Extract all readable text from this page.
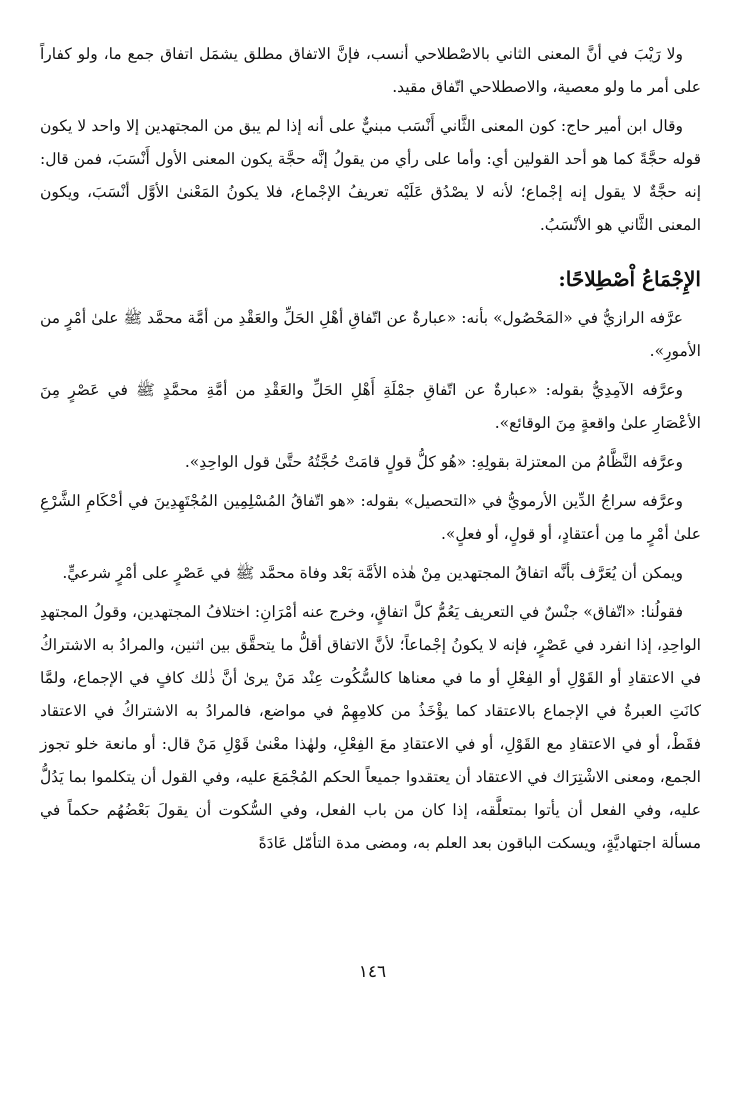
ولا رَيْبَ في أنَّ المعنى الثاني بالاصْطلاحي أنسب، فإنَّ الاتفاق مطلق يشمَل اتفاق جمع ما، ولو كفاراً على أمر ما ولو معصية، والاصطلاحي اتّفاق مقيد.

وقال ابن أمير حاج: كون المعنى الثَّاني أَنْسَب مبنيٌّ على أنه إذا لم يبق من المجتهدين إلا واحد لا يكون قوله حجَّةً كما هو أحد القولين أي: وأما على رأي من يقولُ إنَّه حجَّة يكون المعنى الأول أَنْسَبَ، فمن قال: إنه حجَّةٌ لا يقول إنه إجْماع؛ لأنه لا يصْدُق عَلَيْه تعريفُ الإجْماع، فلا يكونُ المَعْنىٰ الأوَّل أنْسَبَ، ويكون المعنى الثَّاني هو الأنْسَبُ.

الإِجْمَاعُ اْصْطِلاحًا:

عرَّفه الرازيُّ في «المَحْصُول» بأنه: «عبارةٌ عن اتّفاقِ أهْلِ الحَلِّ والعَقْدِ من أمَّة محمَّد ﷺ علىٰ أمْرٍ من الأمورِ».

وعرَّفه الآمِدِيُّ بقوله: «عبارةٌ عن اتّفاقِ جمْلَةِ أَهْلِ الحَلِّ والعَقْدِ من أمَّةِ محمَّدٍ ﷺ في عَصْرٍ مِنَ الأعْصَارِ علىٰ واقعةٍ مِنَ الوقائع».

وعرَّفه النَّظَّامُ من المعتزلة بقولِهِ: «هُو كلُّ قولٍ قامَتْ حُجَّتُهُ حتَّىٰ قول الواحِدِ».

وعرَّفه سراجُ الدِّين الأرمويُّ في «التحصيل» بقوله: «هو اتّفاقُ المُسْلِمِين المُجْتَهِدِينَ في أحْكَامِ الشَّرْعِ علىٰ أمْرٍ ما مِن أعتقادٍ، أو قولٍ، أو فعلٍ».

ويمكن أن يُعَرَّف بأنَّه اتفاقُ المجتهدين مِنْ هٰذه الأمَّة بَعْد وفاة محمَّد ﷺ في عَصْرٍ على أمْرٍ شرعيٍّ.

فقولُنا: «اتّفاق» جنْسٌ في التعريف يَعُمُّ كلَّ اتفاقٍ، وخرج عنه أمْرَانِ: اختلافُ المجتهدين، وقولُ المجتهدِ الواحِدِ، إذا انفرد في عَصْرٍ، فإنه لا يكونُ إجْماعاً؛ لأنَّ الاتفاق أقلُّ ما يتحقَّق بين اثنين، والمرادُ به الاشتراكُ في الاعتقادِ أو القَوْلِ أو الفِعْلِ أو ما في معناها كالسُّكُوت عِنْد مَنْ يرىٰ أنَّ ذٰلك كافٍ في الإجماع، ولمَّا كانَتِ العبرةُ في الإجماع بالاعتقاد كما يؤْخَذُ من كلامِهِمْ في مواضع، فالمرادُ به الاشتراكُ في الاعتقاد فقَطْ، أو في الاعتقادِ مع القَوْلِ، أو في الاعتقادِ معَ الفِعْلِ، ولهٰذا معْنىٰ قَوْلِ مَنْ قال: أو مانعة خلو تجوز الجمع، ومعنى الاشْتِرَاك في الاعتقاد أن يعتقدوا جميعاً الحكم المُجْمَعَ عليه، وفي القول أن يتكلموا بما يَدُلُّ عليه، وفي الفعل أن يأتوا بمتعلَّقه، إذا كان من باب الفعل، وفي السُّكوت أن يقولَ بَعْضُهُم حكماً في مسألة اجتهاديَّةٍ، ويسكت الباقون بعد العلم به، ومضى مدة التأمّل عَادَةً

١٤٦
